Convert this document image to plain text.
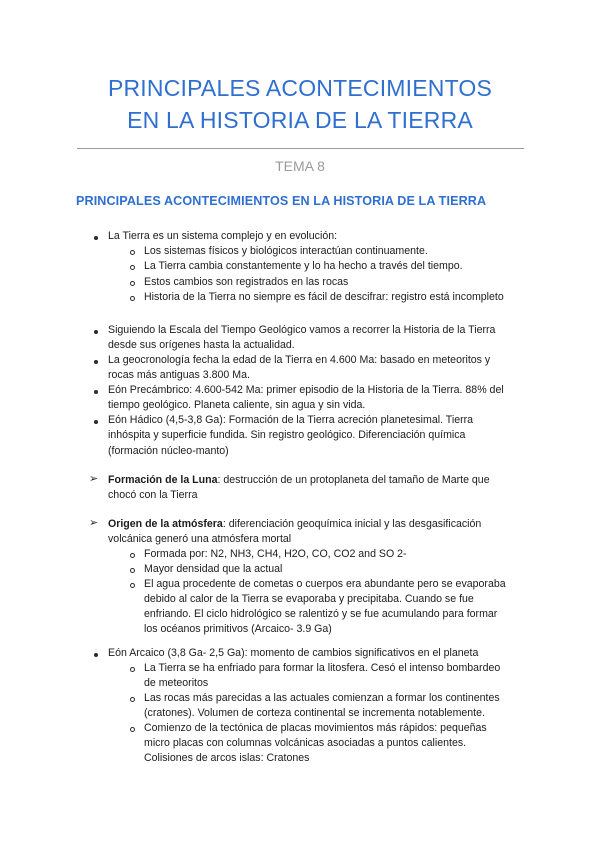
PRINCIPALES ACONTECIMIENTOS
EN LA HISTORIA DE LA TIERRA
TEMA 8
PRINCIPALES ACONTECIMIENTOS EN LA HISTORIA DE LA TIERRA
La Tierra es un sistema complejo y en evolución:
Los sistemas físicos y biológicos interactúan continuamente.
La Tierra cambia constantemente y lo ha hecho a través del tiempo.
Estos cambios son registrados en las rocas
Historia de la Tierra no siempre es fácil de descifrar: registro está incompleto
Siguiendo la Escala del Tiempo Geológico vamos a recorrer la Historia de la Tierra
desde sus orígenes hasta la actualidad.
La geocronología fecha la edad de la Tierra en 4.600 Ma: basado en meteoritos y
rocas más antiguas 3.800 Ma.
Eón Precámbrico: 4.600-542 Ma: primer episodio de la Historia de la Tierra. 88% del
tiempo geológico. Planeta caliente, sin agua y sin vida.
Eón Hádico (4,5-3,8 Ga): Formación de la Tierra acreción planetesimal. Tierra
inhóspita y superficie fundida. Sin registro geológico. Diferenciación química
(formación núcleo-manto)
➢ Formación de la Luna: destrucción de un protoplaneta del tamaño de Marte que
chocó con la Tierra
➢ Origen de la atmósfera: diferenciación geoquímica inicial y las desgasificación
volcánica generó una atmósfera mortal
Formada por: N2, NH3, CH4, H2O, CO, CO2 and SO 2-
Mayor densidad que la actual
El agua procedente de cometas o cuerpos era abundante pero se evaporaba
debido al calor de la Tierra se evaporaba y precipitaba. Cuando se fue
enfriando. El ciclo hidrológico se ralentizó y se fue acumulando para formar
los océanos primitivos (Arcaico- 3.9 Ga)
Eón Arcaico (3,8 Ga- 2,5 Ga): momento de cambios significativos en el planeta
La Tierra se ha enfriado para formar la litosfera. Cesó el intenso bombardeo
de meteoritos
Las rocas más parecidas a las actuales comienzan a formar los continentes
(cratones). Volumen de corteza continental se incrementa notablemente.
Comienzo de la tectónica de placas movimientos más rápidos: pequeñas
micro placas con columnas volcánicas asociadas a puntos calientes.
Colisiones de arcos islas: Cratones
